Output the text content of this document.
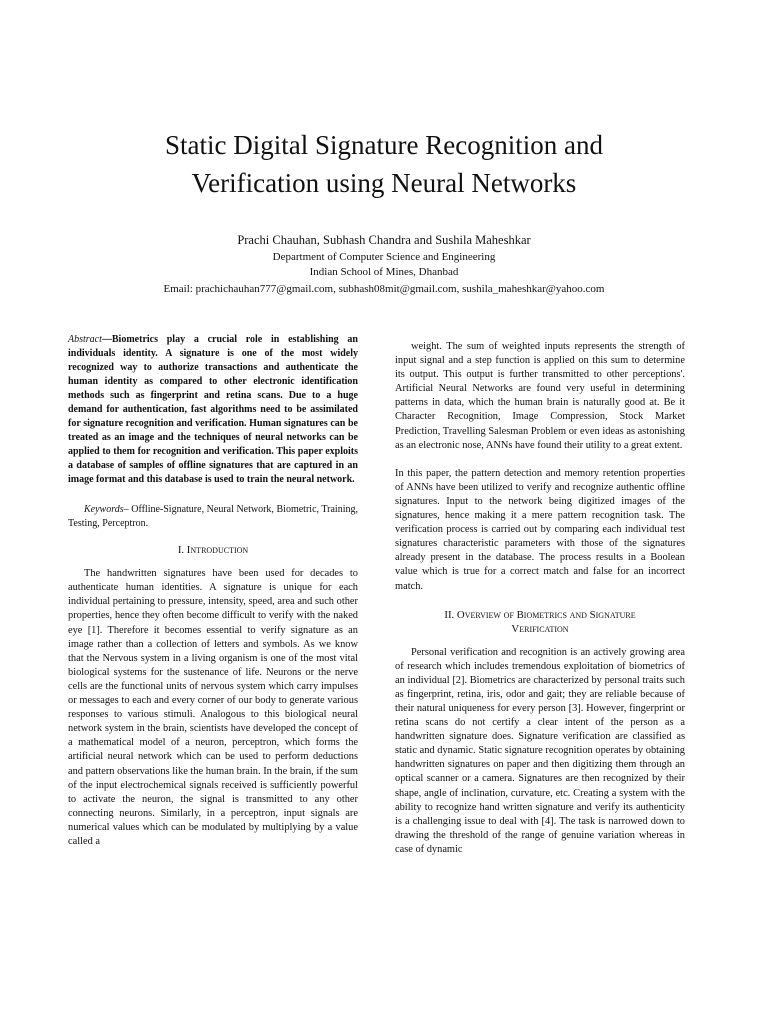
Static Digital Signature Recognition and
Verification using Neural Networks
Prachi Chauhan, Subhash Chandra and Sushila Maheshkar
Department of Computer Science and Engineering
Indian School of Mines, Dhanbad
Email: prachichauhan777@gmail.com, subhash08mit@gmail.com, sushila_maheshkar@yahoo.com

Abstract—Biometrics play a crucial role in establishing an individuals identity. A signature is one of the most widely recognized way to authorize transactions and authenticate the human identity as compared to other electronic identification methods such as fingerprint and retina scans. Due to a huge demand for authentication, fast algorithms need to be assimilated for signature recognition and verification. Human signatures can be treated as an image and the techniques of neural networks can be applied to them for recognition and verification. This paper exploits a database of samples of offline signatures that are captured in an image format and this database is used to train the neural network.

Keywords– Offline-Signature, Neural Network, Biometric, Training, Testing, Perceptron.

I. Introduction

The handwritten signatures have been used for decades to authenticate human identities. A signature is unique for each individual pertaining to pressure, intensity, speed, area and such other properties, hence they often become difficult to verify with the naked eye [1]. Therefore it becomes essential to verify signature as an image rather than a collection of letters and symbols. As we know that the Nervous system in a living organism is one of the most vital biological systems for the sustenance of life. Neurons or the nerve cells are the functional units of nervous system which carry impulses or messages to each and every corner of our body to generate various responses to various stimuli. Analogous to this biological neural network system in the brain, scientists have developed the concept of a mathematical model of a neuron, perceptron, which forms the artificial neural network which can be used to perform deductions and pattern observations like the human brain. In the brain, if the sum of the input electrochemical signals received is sufficiently powerful to activate the neuron, the signal is transmitted to any other connecting neurons. Similarly, in a perceptron, input signals are numerical values which can be modulated by multiplying by a value called a

weight. The sum of weighted inputs represents the strength of input signal and a step function is applied on this sum to determine its output. This output is further transmitted to other perceptions'. Artificial Neural Networks are found very useful in determining patterns in data, which the human brain is naturally good at. Be it Character Recognition, Image Compression, Stock Market Prediction, Travelling Salesman Problem or even ideas as astonishing as an electronic nose, ANNs have found their utility to a great extent.

In this paper, the pattern detection and memory retention properties of ANNs have been utilized to verify and recognize authentic offline signatures. Input to the network being digitized images of the signatures, hence making it a mere pattern recognition task. The verification process is carried out by comparing each individual test signatures characteristic parameters with those of the signatures already present in the database. The process results in a Boolean value which is true for a correct match and false for an incorrect match.

II. Overview of Biometrics and Signature
Verification

Personal verification and recognition is an actively growing area of research which includes tremendous exploitation of biometrics of an individual [2]. Biometrics are characterized by personal traits such as fingerprint, retina, iris, odor and gait; they are reliable because of their natural uniqueness for every person [3]. However, fingerprint or retina scans do not certify a clear intent of the person as a handwritten signature does. Signature verification are classified as static and dynamic. Static signature recognition operates by obtaining handwritten signatures on paper and then digitizing them through an optical scanner or a camera. Signatures are then recognized by their shape, angle of inclination, curvature, etc. Creating a system with the ability to recognize hand written signature and verify its authenticity is a challenging issue to deal with [4]. The task is narrowed down to drawing the threshold of the range of genuine variation whereas in case of dynamic
